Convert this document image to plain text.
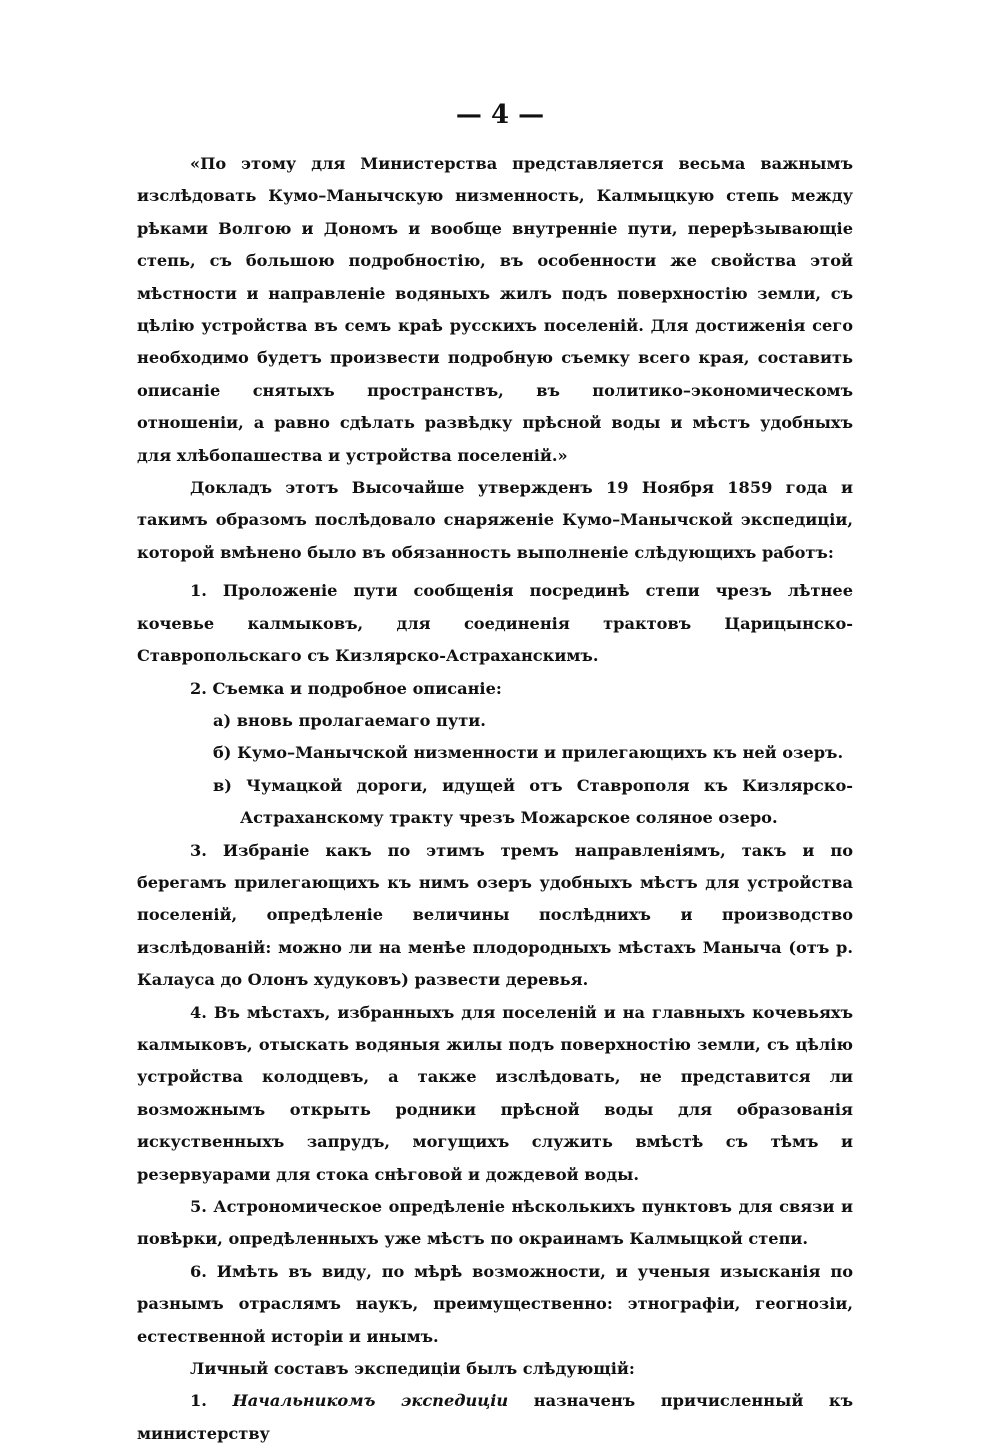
— 4 —

«По этому для Министерства представляется весьма важнымъ изслѣдовать Кумо–Манычскую низменность, Калмыцкую степь между рѣками Волгою и Дономъ и вообще внутренніе пути, перерѣзывающіе степь, съ большою подробностію, въ особенности же свойства этой мѣстности и направленіе водяныхъ жилъ подъ поверхностію земли, съ цѣлію устройства въ семъ краѣ русскихъ поселеній. Для достиженія сего необходимо будетъ произвести подробную съемку всего края, составить описаніе снятыхъ пространствъ, въ политико–экономическомъ отношеніи, а равно сдѣлать развѣдку прѣсной воды и мѣстъ удобныхъ для хлѣбопашества и устройства поселеній.»

Докладъ этотъ Высочайше утвержденъ 19 Ноября 1859 года и такимъ образомъ послѣдовало снаряженіе Кумо–Манычской экспедиціи, которой вмѣнено было въ обязанность выполненіе слѣдующихъ работъ:

1. Проложеніе пути сообщенія посрединѣ степи чрезъ лѣтнее кочевье калмыковъ, для соединенія трактовъ Царицынско-Ставропольскаго съ Кизлярско-Астраханскимъ.

2. Съемка и подробное описаніе:

а) вновь пролагаемаго пути.

б) Кумо–Манычской низменности и прилегающихъ къ ней озеръ.

в) Чумацкой дороги, идущей отъ Ставрополя къ Кизлярско-Астраханскому тракту чрезъ Можарское соляное озеро.

3. Избраніе какъ по этимъ тремъ направленіямъ, такъ и по берегамъ прилегающихъ къ нимъ озеръ удобныхъ мѣстъ для устройства поселеній, опредѣленіе величины послѣднихъ и производство изслѣдованій: можно ли на менѣе плодородныхъ мѣстахъ Маныча (отъ р. Калауса до Олонъ худуковъ) развести деревья.

4. Въ мѣстахъ, избранныхъ для поселеній и на главныхъ кочевьяхъ калмыковъ, отыскать водяныя жилы подъ поверхностію земли, съ цѣлію устройства колодцевъ, а также изслѣдовать, не представится ли возможнымъ открыть родники прѣсной воды для образованія искуственныхъ запрудъ, могущихъ служить вмѣстѣ съ тѣмъ и резервуарами для стока снѣговой и дождевой воды.

5. Астрономическое опредѣленіе нѣсколькихъ пунктовъ для связи и повѣрки, опредѣленныхъ уже мѣстъ по окраинамъ Калмыцкой степи.

6. Имѣть въ виду, по мѣрѣ возможности, и ученыя изысканія по разнымъ отраслямъ наукъ, преимущественно: этнографіи, геогнозіи, естественной исторіи и инымъ.

Личный составъ экспедиціи былъ слѣдующій:

1. Начальникомъ экспедиціи назначенъ причисленный къ министерству
